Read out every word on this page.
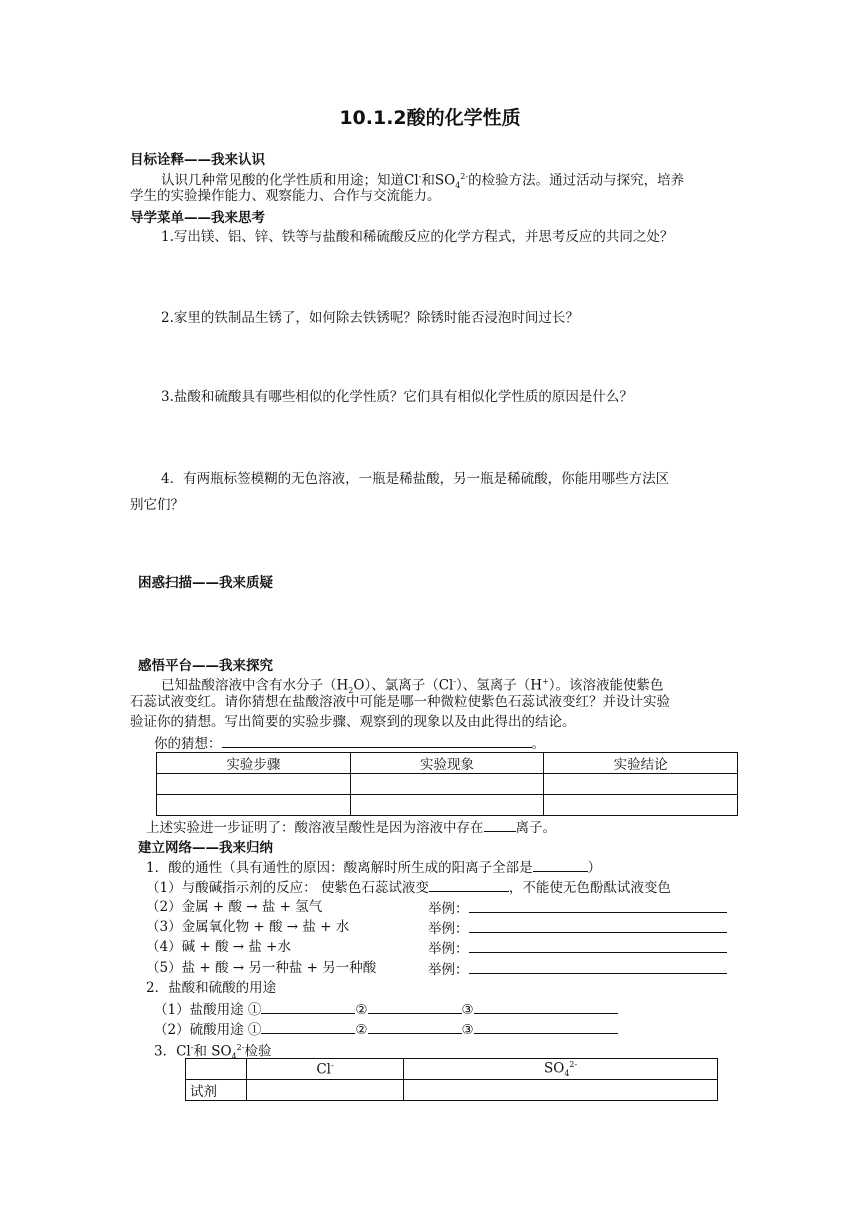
10.1.2酸的化学性质
目标诠释——我来认识
认识几种常见酸的化学性质和用途；知道Cl-和$SO_4^{2-}$的检验方法。通过活动与探究，培养
学生的实验操作能力、观察能力、合作与交流能力。
导学菜单——我来思考
1.写出镁、铝、锌、铁等与盐酸和稀硫酸反应的化学方程式，并思考反应的共同之处？
2.家里的铁制品生锈了，如何除去铁锈呢？除锈时能否浸泡时间过长？
3.盐酸和硫酸具有哪些相似的化学性质？它们具有相似化学性质的原因是什么？
4．有两瓶标签模糊的无色溶液，一瓶是稀盐酸，另一瓶是稀硫酸，你能用哪些方法区
别它们？
困惑扫描——我来质疑
感悟平台——我来探究
已知盐酸溶液中含有水分子$(H_2O)$、氯离子（Cl-）、氢离子（H+）。该溶液能使紫色
石蕊试液变红。请你猜想在盐酸溶液中可能是哪一种微粒使紫色石蕊试液变红？并设计实验
验证你的猜想。写出简要的实验步骤、观察到的现象以及由此得出的结论。
你的猜想：	。
实验步骤	实验现象	实验结论

上述实验进一步证明了：酸溶液呈酸性是因为溶液中存在 离子。
建立网络——我来归纳
1．酸的通性（具有通性的原因：酸离解时所生成的阳离子全部是	）
（1）与酸碱指示剂的反应： 使紫色石蕊试液变	，不能使无色酚酞试液变色
（2）金属 + 酸 → 盐 + 氢气	举例：
（3）金属氧化物 + 酸 → 盐 + 水	举例：
（4）碱 + 酸 → 盐 +水	举例：
（5）盐 + 酸 → 另一种盐 + 另一种酸	举例：
2．盐酸和硫酸的用途
（1）盐酸用途 ①	②	③
（2）硫酸用途 ①	②	③
3．Cl-和 $SO_4^{2-}$检验
	Cl-	$SO_4^{2-}$
试剂		
